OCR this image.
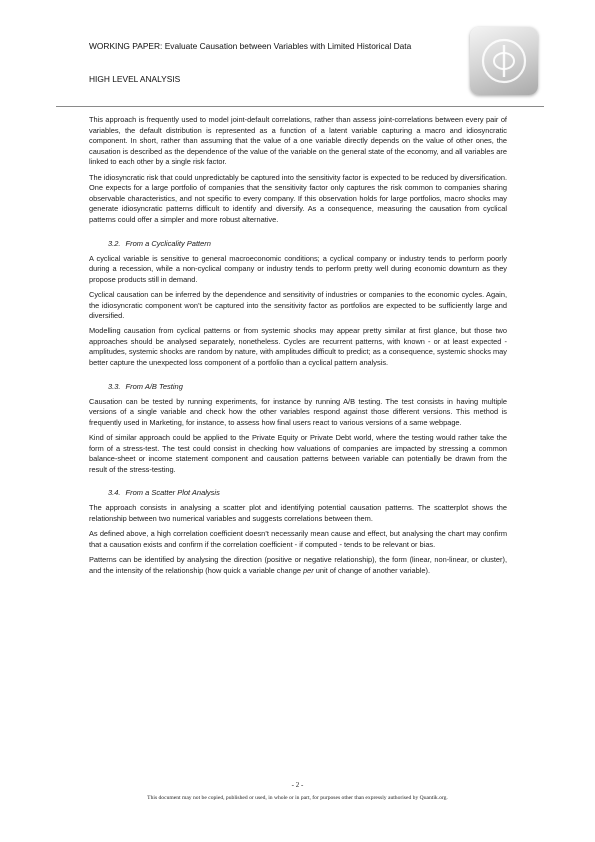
WORKING PAPER: Evaluate Causation between Variables with Limited Historical Data
HIGH LEVEL ANALYSIS

This approach is frequently used to model joint-default correlations, rather than assess joint-correlations between every pair of variables, the default distribution is represented as a function of a latent variable capturing a macro and idiosyncratic component. In short, rather than assuming that the value of a one variable directly depends on the value of other ones, the causation is described as the dependence of the value of the variable on the general state of the economy, and all variables are linked to each other by a single risk factor.

The idiosyncratic risk that could unpredictably be captured into the sensitivity factor is expected to be reduced by diversification. One expects for a large portfolio of companies that the sensitivity factor only captures the risk common to companies sharing observable characteristics, and not specific to every company. If this observation holds for large portfolios, macro shocks may generate idiosyncratic patterns difficult to identify and diversify. As a consequence, measuring the causation from cyclical patterns could offer a simpler and more robust alternative.

3.2. From a Cyclicality Pattern

A cyclical variable is sensitive to general macroeconomic conditions; a cyclical company or industry tends to perform poorly during a recession, while a non-cyclical company or industry tends to perform pretty well during economic downturn as they propose products still in demand.

Cyclical causation can be inferred by the dependence and sensitivity of industries or companies to the economic cycles. Again, the idiosyncratic component won’t be captured into the sensitivity factor as portfolios are expected to be sufficiently large and diversified.

Modelling causation from cyclical patterns or from systemic shocks may appear pretty similar at first glance, but those two approaches should be analysed separately, nonetheless. Cycles are recurrent patterns, with known - or at least expected - amplitudes, systemic shocks are random by nature, with amplitudes difficult to predict; as a consequence, systemic shocks may better capture the unexpected loss component of a portfolio than a cyclical pattern analysis.

3.3. From A/B Testing

Causation can be tested by running experiments, for instance by running A/B testing. The test consists in having multiple versions of a single variable and check how the other variables respond against those different versions. This method is frequently used in Marketing, for instance, to assess how final users react to various versions of a same webpage.

Kind of similar approach could be applied to the Private Equity or Private Debt world, where the testing would rather take the form of a stress-test. The test could consist in checking how valuations of companies are impacted by stressing a common balance-sheet or income statement component and causation patterns between variable can potentially be drawn from the result of the stress-testing.

3.4. From a Scatter Plot Analysis

The approach consists in analysing a scatter plot and identifying potential causation patterns. The scatterplot shows the relationship between two numerical variables and suggests correlations between them.

As defined above, a high correlation coefficient doesn’t necessarily mean cause and effect, but analysing the chart may confirm that a causation exists and confirm if the correlation coefficient - if computed - tends to be relevant or bias.

Patterns can be identified by analysing the direction (positive or negative relationship), the form (linear, non-linear, or cluster), and the intensity of the relationship (how quick a variable change per unit of change of another variable).

- 2 -
This document may not be copied, published or used, in whole or in part, for purposes other than expressly authorised by Quantik.org.
